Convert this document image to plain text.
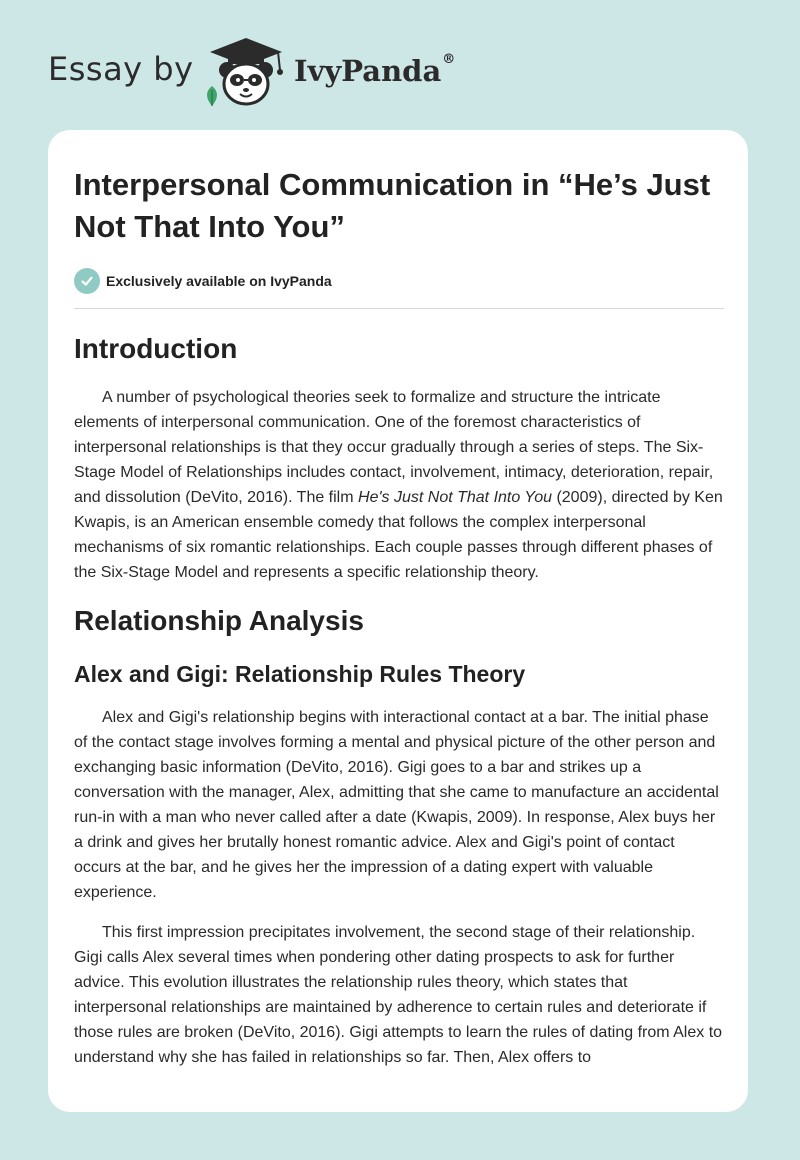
Essay by	IvyPanda®
Interpersonal Communication in “He’s Just Not That Into You”
Exclusively available on IvyPanda
Introduction

A number of psychological theories seek to formalize and structure the intricate elements of interpersonal communication. One of the foremost characteristics of interpersonal relationships is that they occur gradually through a series of steps. The Six-Stage Model of Relationships includes contact, involvement, intimacy, deterioration, repair, and dissolution (DeVito, 2016). The film He's Just Not That Into You (2009), directed by Ken Kwapis, is an American ensemble comedy that follows the complex interpersonal mechanisms of six romantic relationships. Each couple passes through different phases of the Six-Stage Model and represents a specific relationship theory.

Relationship Analysis
Alex and Gigi: Relationship Rules Theory

Alex and Gigi's relationship begins with interactional contact at a bar. The initial phase of the contact stage involves forming a mental and physical picture of the other person and exchanging basic information (DeVito, 2016). Gigi goes to a bar and strikes up a conversation with the manager, Alex, admitting that she came to manufacture an accidental run-in with a man who never called after a date (Kwapis, 2009). In response, Alex buys her a drink and gives her brutally honest romantic advice. Alex and Gigi's point of contact occurs at the bar, and he gives her the impression of a dating expert with valuable experience.

This first impression precipitates involvement, the second stage of their relationship. Gigi calls Alex several times when pondering other dating prospects to ask for further advice. This evolution illustrates the relationship rules theory, which states that interpersonal relationships are maintained by adherence to certain rules and deteriorate if those rules are broken (DeVito, 2016). Gigi attempts to learn the rules of dating from Alex to understand why she has failed in relationships so far. Then, Alex offers to
